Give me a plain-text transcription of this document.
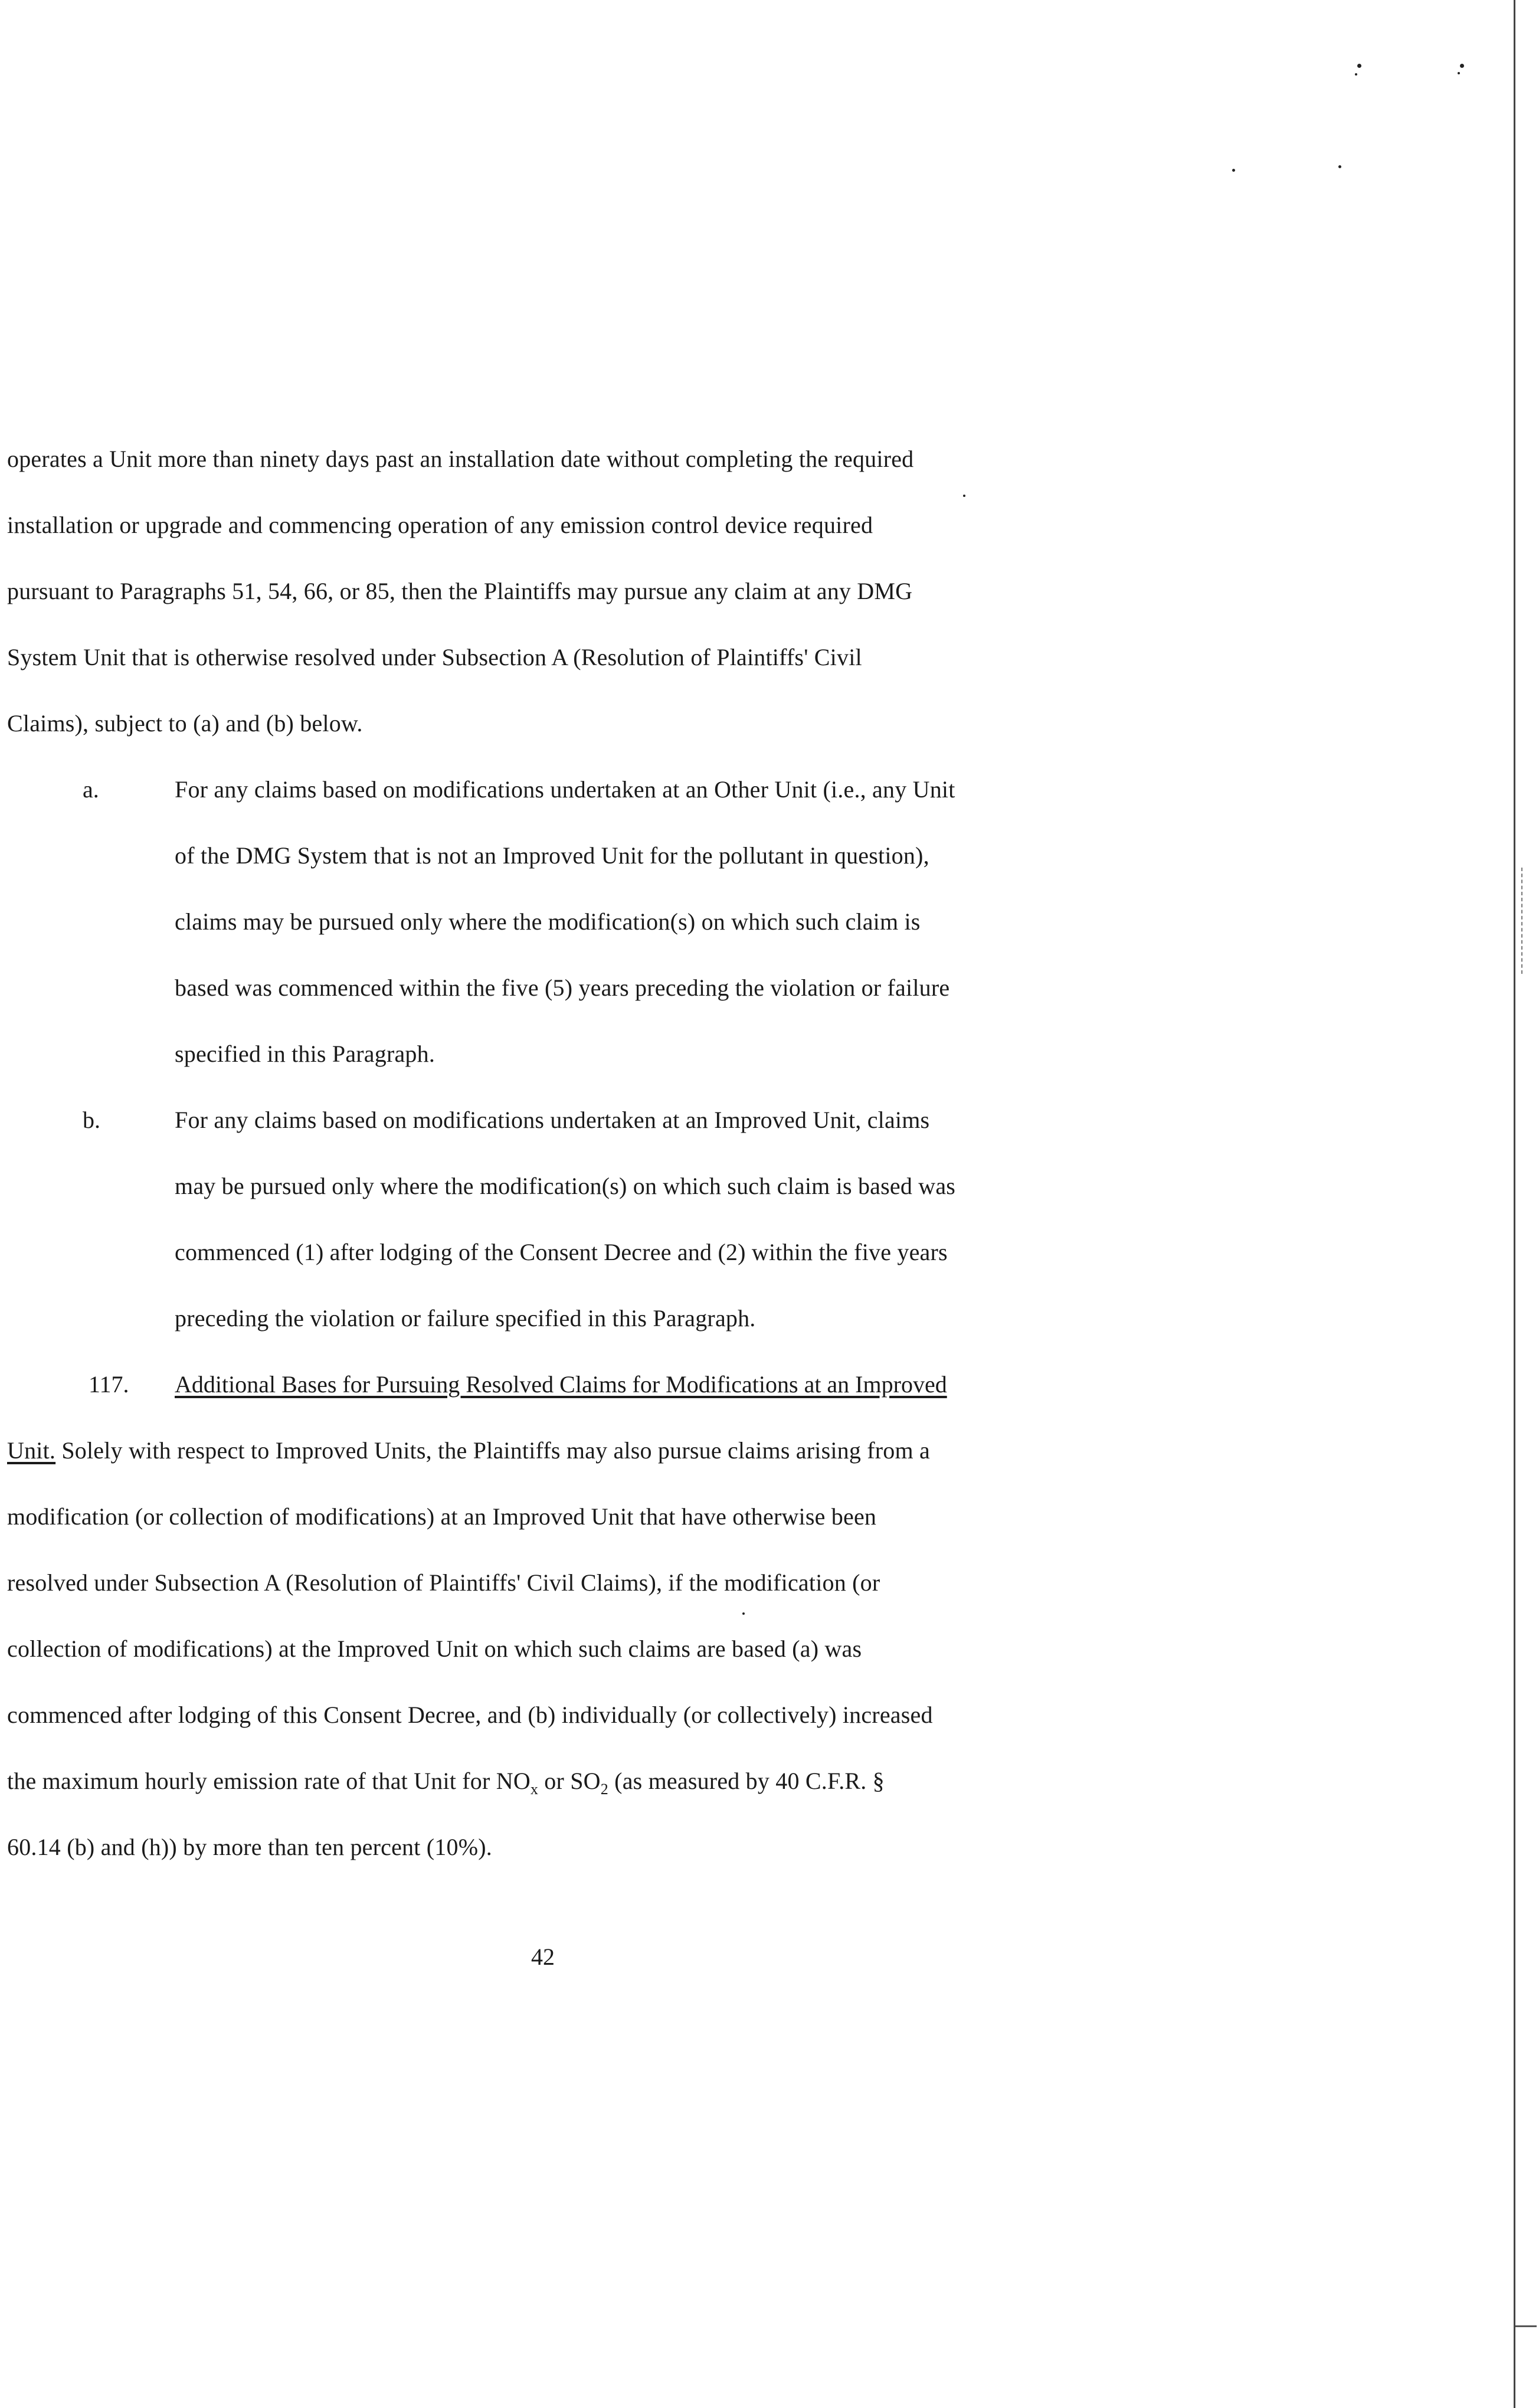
operates a Unit more than ninety days past an installation date without completing the required
installation or upgrade and commencing operation of any emission control device required
pursuant to Paragraphs 51, 54, 66, or 85, then the Plaintiffs may pursue any claim at any DMG
System Unit that is otherwise resolved under Subsection A (Resolution of Plaintiffs' Civil
Claims), subject to (a) and (b) below.
a.	For any claims based on modifications undertaken at an Other Unit (i.e., any Unit
of the DMG System that is not an Improved Unit for the pollutant in question),
claims may be pursued only where the modification(s) on which such claim is
based was commenced within the five (5) years preceding the violation or failure
specified in this Paragraph.
b.	For any claims based on modifications undertaken at an Improved Unit, claims
may be pursued only where the modification(s) on which such claim is based was
commenced (1) after lodging of the Consent Decree and (2) within the five years
preceding the violation or failure specified in this Paragraph.
117. Additional Bases for Pursuing Resolved Claims for Modifications at an Improved
Unit. Solely with respect to Improved Units, the Plaintiffs may also pursue claims arising from a
modification (or collection of modifications) at an Improved Unit that have otherwise been
resolved under Subsection A (Resolution of Plaintiffs' Civil Claims), if the modification (or
collection of modifications) at the Improved Unit on which such claims are based (a) was
commenced after lodging of this Consent Decree, and (b) individually (or collectively) increased
the maximum hourly emission rate of that Unit for $NO_x$ or $SO_2$ (as measured by 40 C.F.R. §
60.14 (b) and (h)) by more than ten percent (10%).
42
